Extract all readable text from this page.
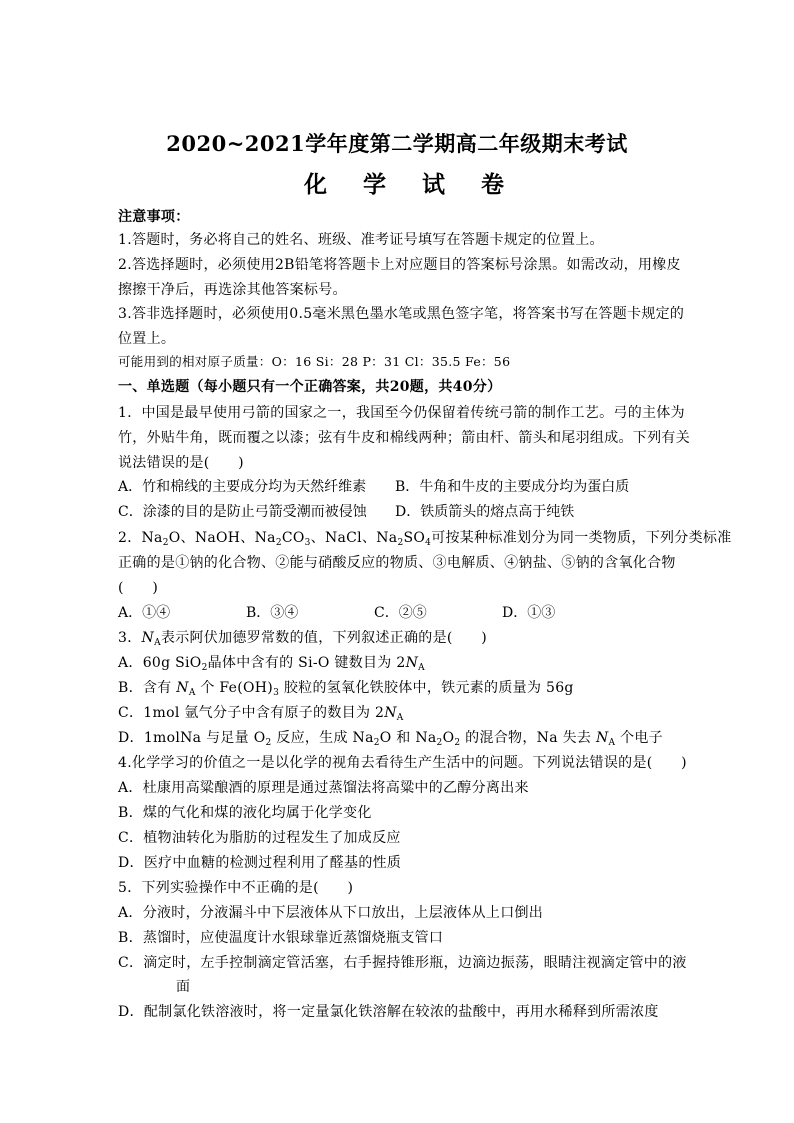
2020~2021学年度第二学期高二年级期末考试
化 学 试 卷
注意事项：
1.答题时，务必将自己的姓名、班级、准考证号填写在答题卡规定的位置上。
2.答选择题时，必须使用2B铅笔将答题卡上对应题目的答案标号涂黑。如需改动，用橡皮
擦擦干净后，再选涂其他答案标号。
3.答非选择题时，必须使用0.5毫米黑色墨水笔或黑色签字笔，将答案书写在答题卡规定的
位置上。
可能用到的相对原子质量：O：16 Si：28 P：31 Cl：35.5 Fe：56
一、单选题（每小题只有一个正确答案，共20题，共40分）
1．中国是最早使用弓箭的国家之一，我国至今仍保留着传统弓箭的制作工艺。弓的主体为
竹，外贴牛角，既而覆之以漆；弦有牛皮和棉线两种；箭由杆、箭头和尾羽组成。下列有关
说法错误的是(　　)
A．竹和棉线的主要成分均为天然纤维素 B．牛角和牛皮的主要成分均为蛋白质
C．涂漆的目的是防止弓箭受潮而被侵蚀 D．铁质箭头的熔点高于纯铁
2．$Na_2O$、NaOH、$Na_2CO_3$、NaCl、$Na_2SO_4$可按某种标准划分为同一类物质，下列分类标准
正确的是①钠的化合物、②能与硝酸反应的物质、③电解质、④钠盐、⑤钠的含氧化合物
(　　)
A．①④	B．③④	C．②⑤	D．①③
3．$N_A$表示阿伏加德罗常数的值，下列叙述正确的是(　　)
A．60g SiO$_2$晶体中含有的 Si-O 键数目为 $2N_A$
B．含有 $N_A$ 个 $Fe(OH)_3$ 胶粒的氢氧化铁胶体中，铁元素的质量为 56g
C．1mol 氩气分子中含有原子的数目为 $2N_A$
D．1molNa 与足量 $O_2$ 反应，生成 $Na_2O$ 和 $Na_2O_2$ 的混合物，Na 失去 $N_A$ 个电子
4.化学学习的价值之一是以化学的视角去看待生产生活中的问题。下列说法错误的是(　　)
A．杜康用高粱酿酒的原理是通过蒸馏法将高粱中的乙醇分离出来
B．煤的气化和煤的液化均属于化学变化
C．植物油转化为脂肪的过程发生了加成反应
D．医疗中血糖的检测过程利用了醛基的性质
5．下列实验操作中不正确的是(　　)
A．分液时，分液漏斗中下层液体从下口放出，上层液体从上口倒出
B．蒸馏时，应使温度计水银球靠近蒸馏烧瓶支管口
C．滴定时，左手控制滴定管活塞，右手握持锥形瓶，边滴边振荡，眼睛注视滴定管中的液
面
D．配制氯化铁溶液时，将一定量氯化铁溶解在较浓的盐酸中，再用水稀释到所需浓度
